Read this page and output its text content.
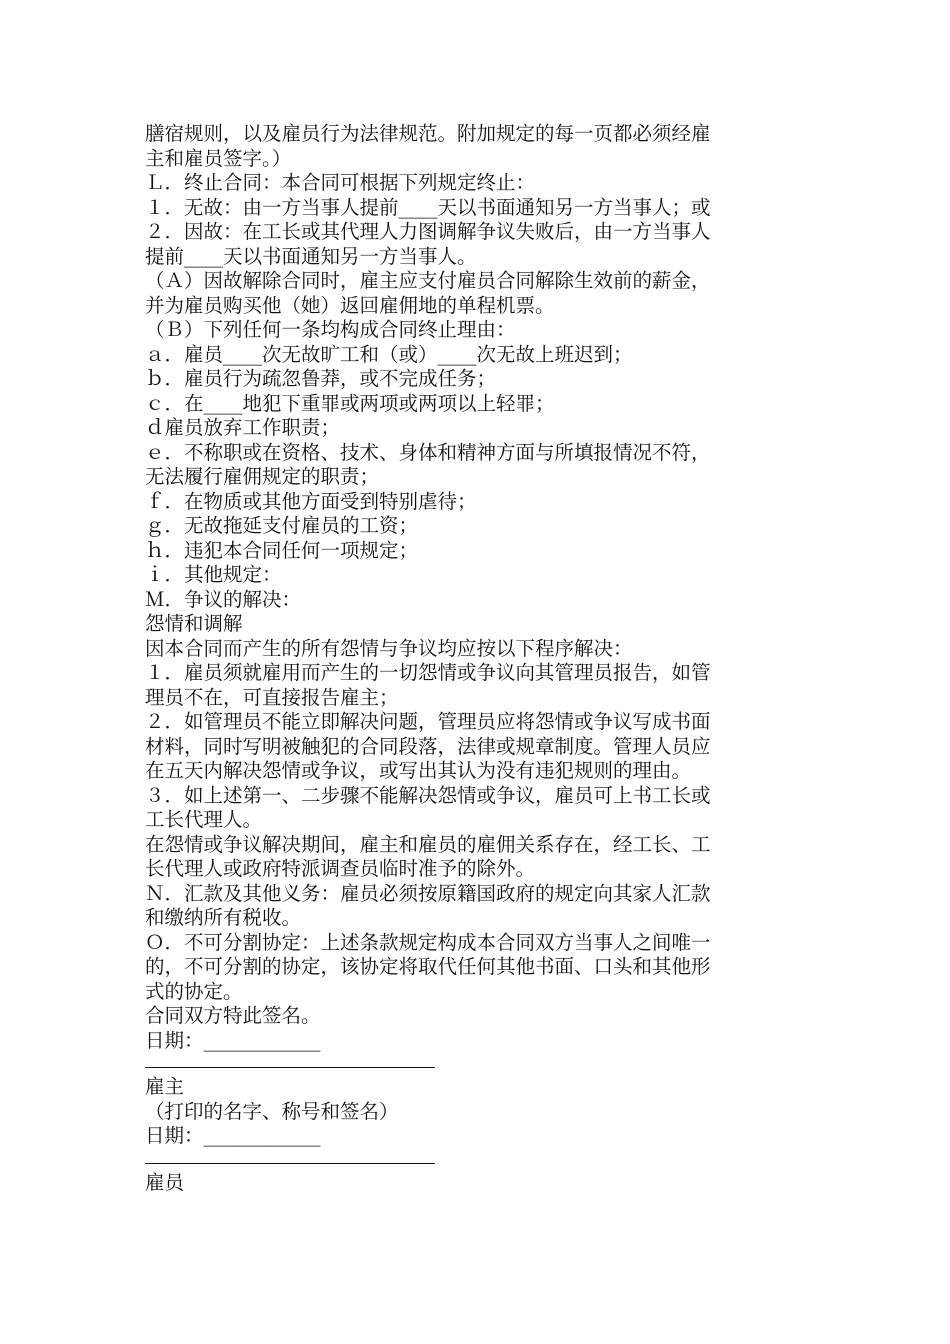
膳宿规则，以及雇员行为法律规范。附加规定的每一页都必须经雇
主和雇员签字。）
Ｌ．终止合同：本合同可根据下列规定终止：
１．无故：由一方当事人提前____天以书面通知另一方当事人；或
２．因故：在工长或其代理人力图调解争议失败后，由一方当事人
提前____天以书面通知另一方当事人。
（Ａ）因故解除合同时，雇主应支付雇员合同解除生效前的薪金，
并为雇员购买他（她）返回雇佣地的单程机票。
（Ｂ）下列任何一条均构成合同终止理由：
ａ．雇员____次无故旷工和（或）____次无故上班迟到；
ｂ．雇员行为疏忽鲁莽，或不完成任务；
ｃ．在____地犯下重罪或两项或两项以上轻罪；
ｄ雇员放弃工作职责；
ｅ．不称职或在资格、技术、身体和精神方面与所填报情况不符，
无法履行雇佣规定的职责；
ｆ．在物质或其他方面受到特别虐待；
ｇ．无故拖延支付雇员的工资；
ｈ．违犯本合同任何一项规定；
ｉ．其他规定：
Ｍ．争议的解决：
怨情和调解
因本合同而产生的所有怨情与争议均应按以下程序解决：
１．雇员须就雇用而产生的一切怨情或争议向其管理员报告，如管
理员不在，可直接报告雇主；
２．如管理员不能立即解决问题，管理员应将怨情或争议写成书面
材料，同时写明被触犯的合同段落，法律或规章制度。管理人员应
在五天内解决怨情或争议，或写出其认为没有违犯规则的理由。
３．如上述第一、二步骤不能解决怨情或争议，雇员可上书工长或
工长代理人。
在怨情或争议解决期间，雇主和雇员的雇佣关系存在，经工长、工
长代理人或政府特派调查员临时准予的除外。
Ｎ．汇款及其他义务：雇员必须按原籍国政府的规定向其家人汇款
和缴纳所有税收。
Ｏ．不可分割协定：上述条款规定构成本合同双方当事人之间唯一
的，不可分割的协定，该协定将取代任何其他书面、口头和其他形
式的协定。
合同双方特此签名。
日期：____________
雇主
（打印的名字、称号和签名）
日期：____________
雇员
